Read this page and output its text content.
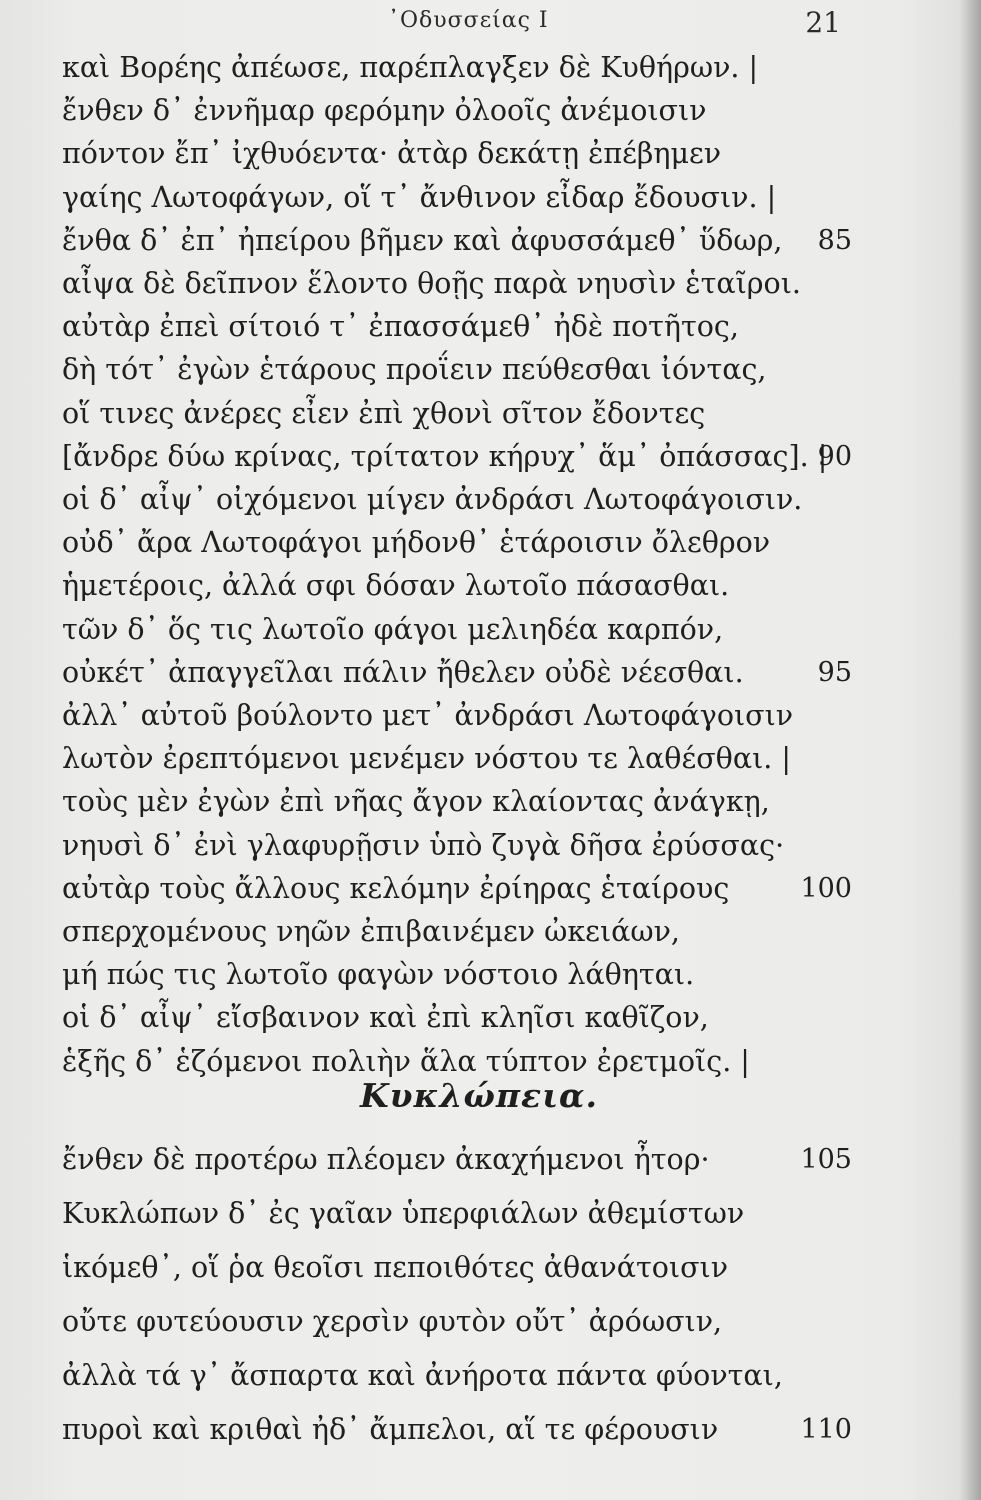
᾿Οδυσσείας Ι	21
καὶ Βορέης ἀπέωσε, παρέπλαγξεν δὲ Κυθήρων. |
ἔνθεν δ᾿ ἐννῆμαρ φερόμην ὀλοοῖς ἀνέμοισιν
πόντον ἔπ᾿ ἰχθυόεντα· ἀτὰρ δεκάτῃ ἐπέβημεν
γαίης Λωτοφάγων, οἵ τ᾿ ἄνθινον εἶδαρ ἔδουσιν. |
ἔνθα δ᾿ ἐπ᾿ ἠπείρου βῆμεν καὶ ἀφυσσάμεθ᾿ ὕδωρ, 85
αἶψα δὲ δεῖπνον ἕλοντο θοῇς παρὰ νηυσὶν ἑταῖροι.
αὐτὰρ ἐπεὶ σίτοιό τ᾿ ἐπασσάμεθ᾿ ἠδὲ ποτῆτος,
δὴ τότ᾿ ἐγὼν ἑτάρους προΐειν πεύθεσθαι ἰόντας,
οἵ τινες ἀνέρες εἶεν ἐπὶ χθονὶ σῖτον ἔδοντες
[ἄνδρε δύω κρίνας, τρίτατον κήρυχ᾿ ἅμ᾿ ὀπάσσας]. |
90
οἱ δ᾿ αἶψ᾿ οἰχόμενοι μίγεν ἀνδράσι Λωτοφάγοισιν.
οὐδ᾿ ἄρα Λωτοφάγοι μήδονθ᾿ ἑτάροισιν ὄλεθρον
ἡμετέροις, ἀλλά σφι δόσαν λωτοῖο πάσασθαι.
τῶν δ᾿ ὅς τις λωτοῖο φάγοι μελιηδέα καρπόν,
οὐκέτ᾿ ἀπαγγεῖλαι πάλιν ἤθελεν οὐδὲ νέεσθαι.	95
ἀλλ᾿ αὐτοῦ βούλοντο μετ᾿ ἀνδράσι Λωτοφάγοισιν
λωτὸν ἐρεπτόμενοι μενέμεν νόστου τε λαθέσθαι. |
τοὺς μὲν ἐγὼν ἐπὶ νῆας ἄγον κλαίοντας ἀνάγκῃ,
νηυσὶ δ᾿ ἐνὶ γλαφυρῇσιν ὑπὸ ζυγὰ δῆσα ἐρύσσας·
αὐτὰρ τοὺς ἄλλους κελόμην ἐρίηρας ἑταίρους	100
σπερχομένους νηῶν ἐπιβαινέμεν ὠκειάων,
μή πώς τις λωτοῖο φαγὼν νόστοιο λάθηται.
οἱ δ᾿ αἶψ᾿ εἴσβαινον καὶ ἐπὶ κληῖσι καθῖζον,
ἑξῆς δ᾿ ἑζόμενοι πολιὴν ἅλα τύπτον ἐρετμοῖς. |
Κυκλώπεια.
ἔνθεν δὲ προτέρω πλέομεν ἀκαχήμενοι ἦτορ·	105
Κυκλώπων δ᾿ ἐς γαῖαν ὑπερφιάλων ἀθεμίστων
ἱκόμεθ᾿, οἵ ῥα θεοῖσι πεποιθότες ἀθανάτοισιν
οὔτε φυτεύουσιν χερσὶν φυτὸν οὔτ᾿ ἀρόωσιν,
ἀλλὰ τά γ᾿ ἄσπαρτα καὶ ἀνήροτα πάντα φύονται,
πυροὶ καὶ κριθαὶ ἠδ᾿ ἄμπελοι, αἵ τε φέρουσιν	110
